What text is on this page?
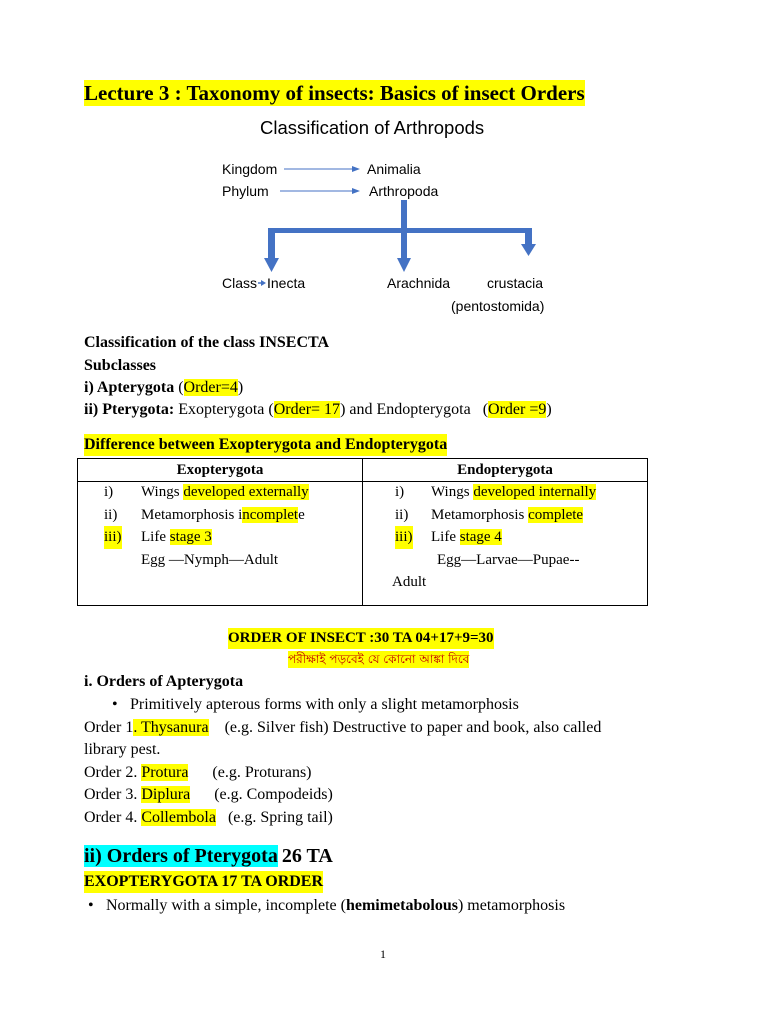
Lecture 3 : Taxonomy of insects: Basics of insect Orders
Classification of Arthropods
Kingdom	Animalia
Phylum	Arthropoda
Class Inecta	Arachnida	crustacia
(pentostomida)
Classification of the class INSECTA
Subclasses
i) Apterygota (Order=4)
ii) Pterygota: Exopterygota (Order= 17) and Endopterygota   (Order =9)
Difference between Exopterygota and Endopterygota
Exopterygota	Endopterygota
i)	Wings developed externally
ii)	Metamorphosis incomplete
iii) Life stage 3
Egg —Nymph—Adult
i)	Wings developed internally
ii)	Metamorphosis complete
iii) Life stage 4
Egg—Larvae—Pupae--
Adult
ORDER OF INSECT :30 TA 04+17+9=30
পরীক্ষাই পড়বেই যে কোনো আঙ্কা দিবে
i. Orders of Apterygota
• Primitively apterous forms with only a slight metamorphosis
Order 1. Thysanura (e.g. Silver fish) Destructive to paper and book, also called
library pest.
Order 2. Protura (e.g. Proturans)
Order 3. Diplura (e.g. Compodeids)
Order 4. Collembola (e.g. Spring tail)
ii) Orders of Pterygota 26 TA
EXOPTERYGOTA 17 TA ORDER
• Normally with a simple, incomplete (hemimetabolous) metamorphosis
1
